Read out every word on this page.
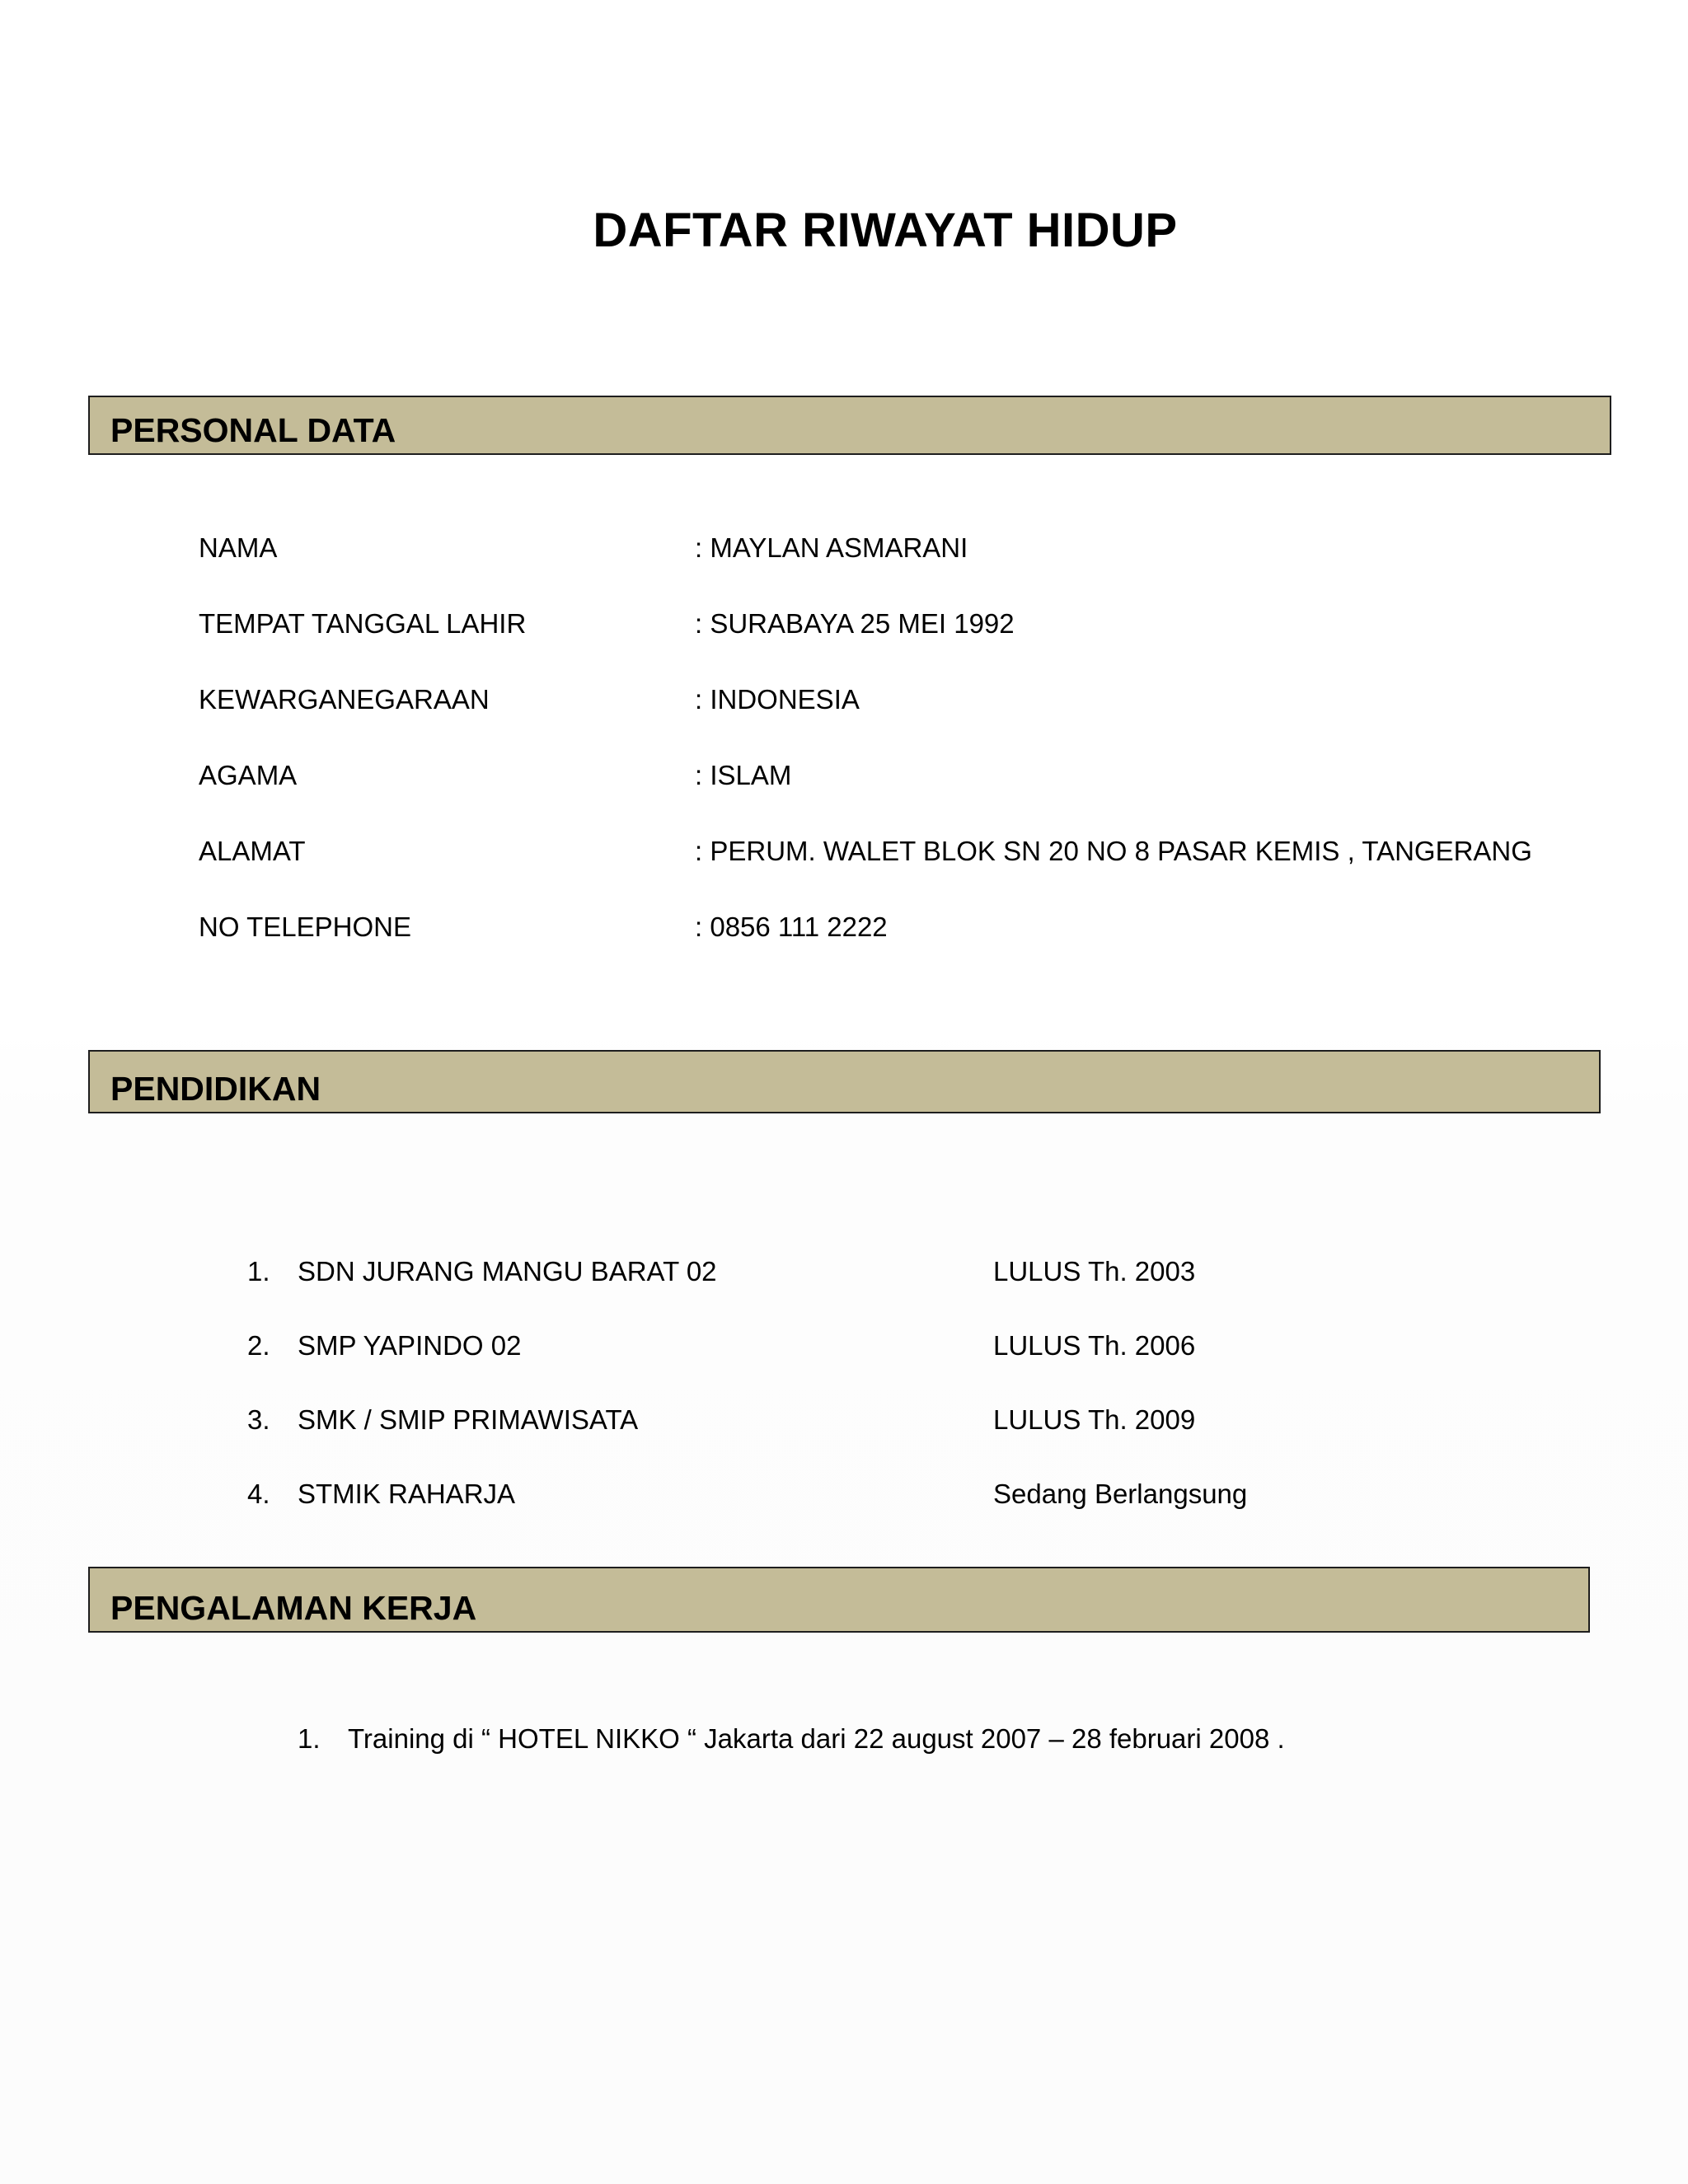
DAFTAR RIWAYAT HIDUP
PERSONAL DATA
NAMA	: MAYLAN ASMARANI
TEMPAT TANGGAL LAHIR	: SURABAYA 25 MEI 1992
KEWARGANEGARAAN	: INDONESIA
AGAMA	: ISLAM
ALAMAT	: PERUM. WALET BLOK SN 20 NO 8 PASAR KEMIS , TANGERANG
NO TELEPHONE	: 0856 111 2222
PENDIDIKAN
1. SDN JURANG MANGU BARAT 02	LULUS Th. 2003
2. SMP YAPINDO 02	LULUS Th. 2006
3. SMK / SMIP PRIMAWISATA	LULUS Th. 2009
4. STMIK RAHARJA	Sedang Berlangsung
PENGALAMAN KERJA
1. Training di “ HOTEL NIKKO “ Jakarta dari 22 august 2007 – 28 februari 2008 .
